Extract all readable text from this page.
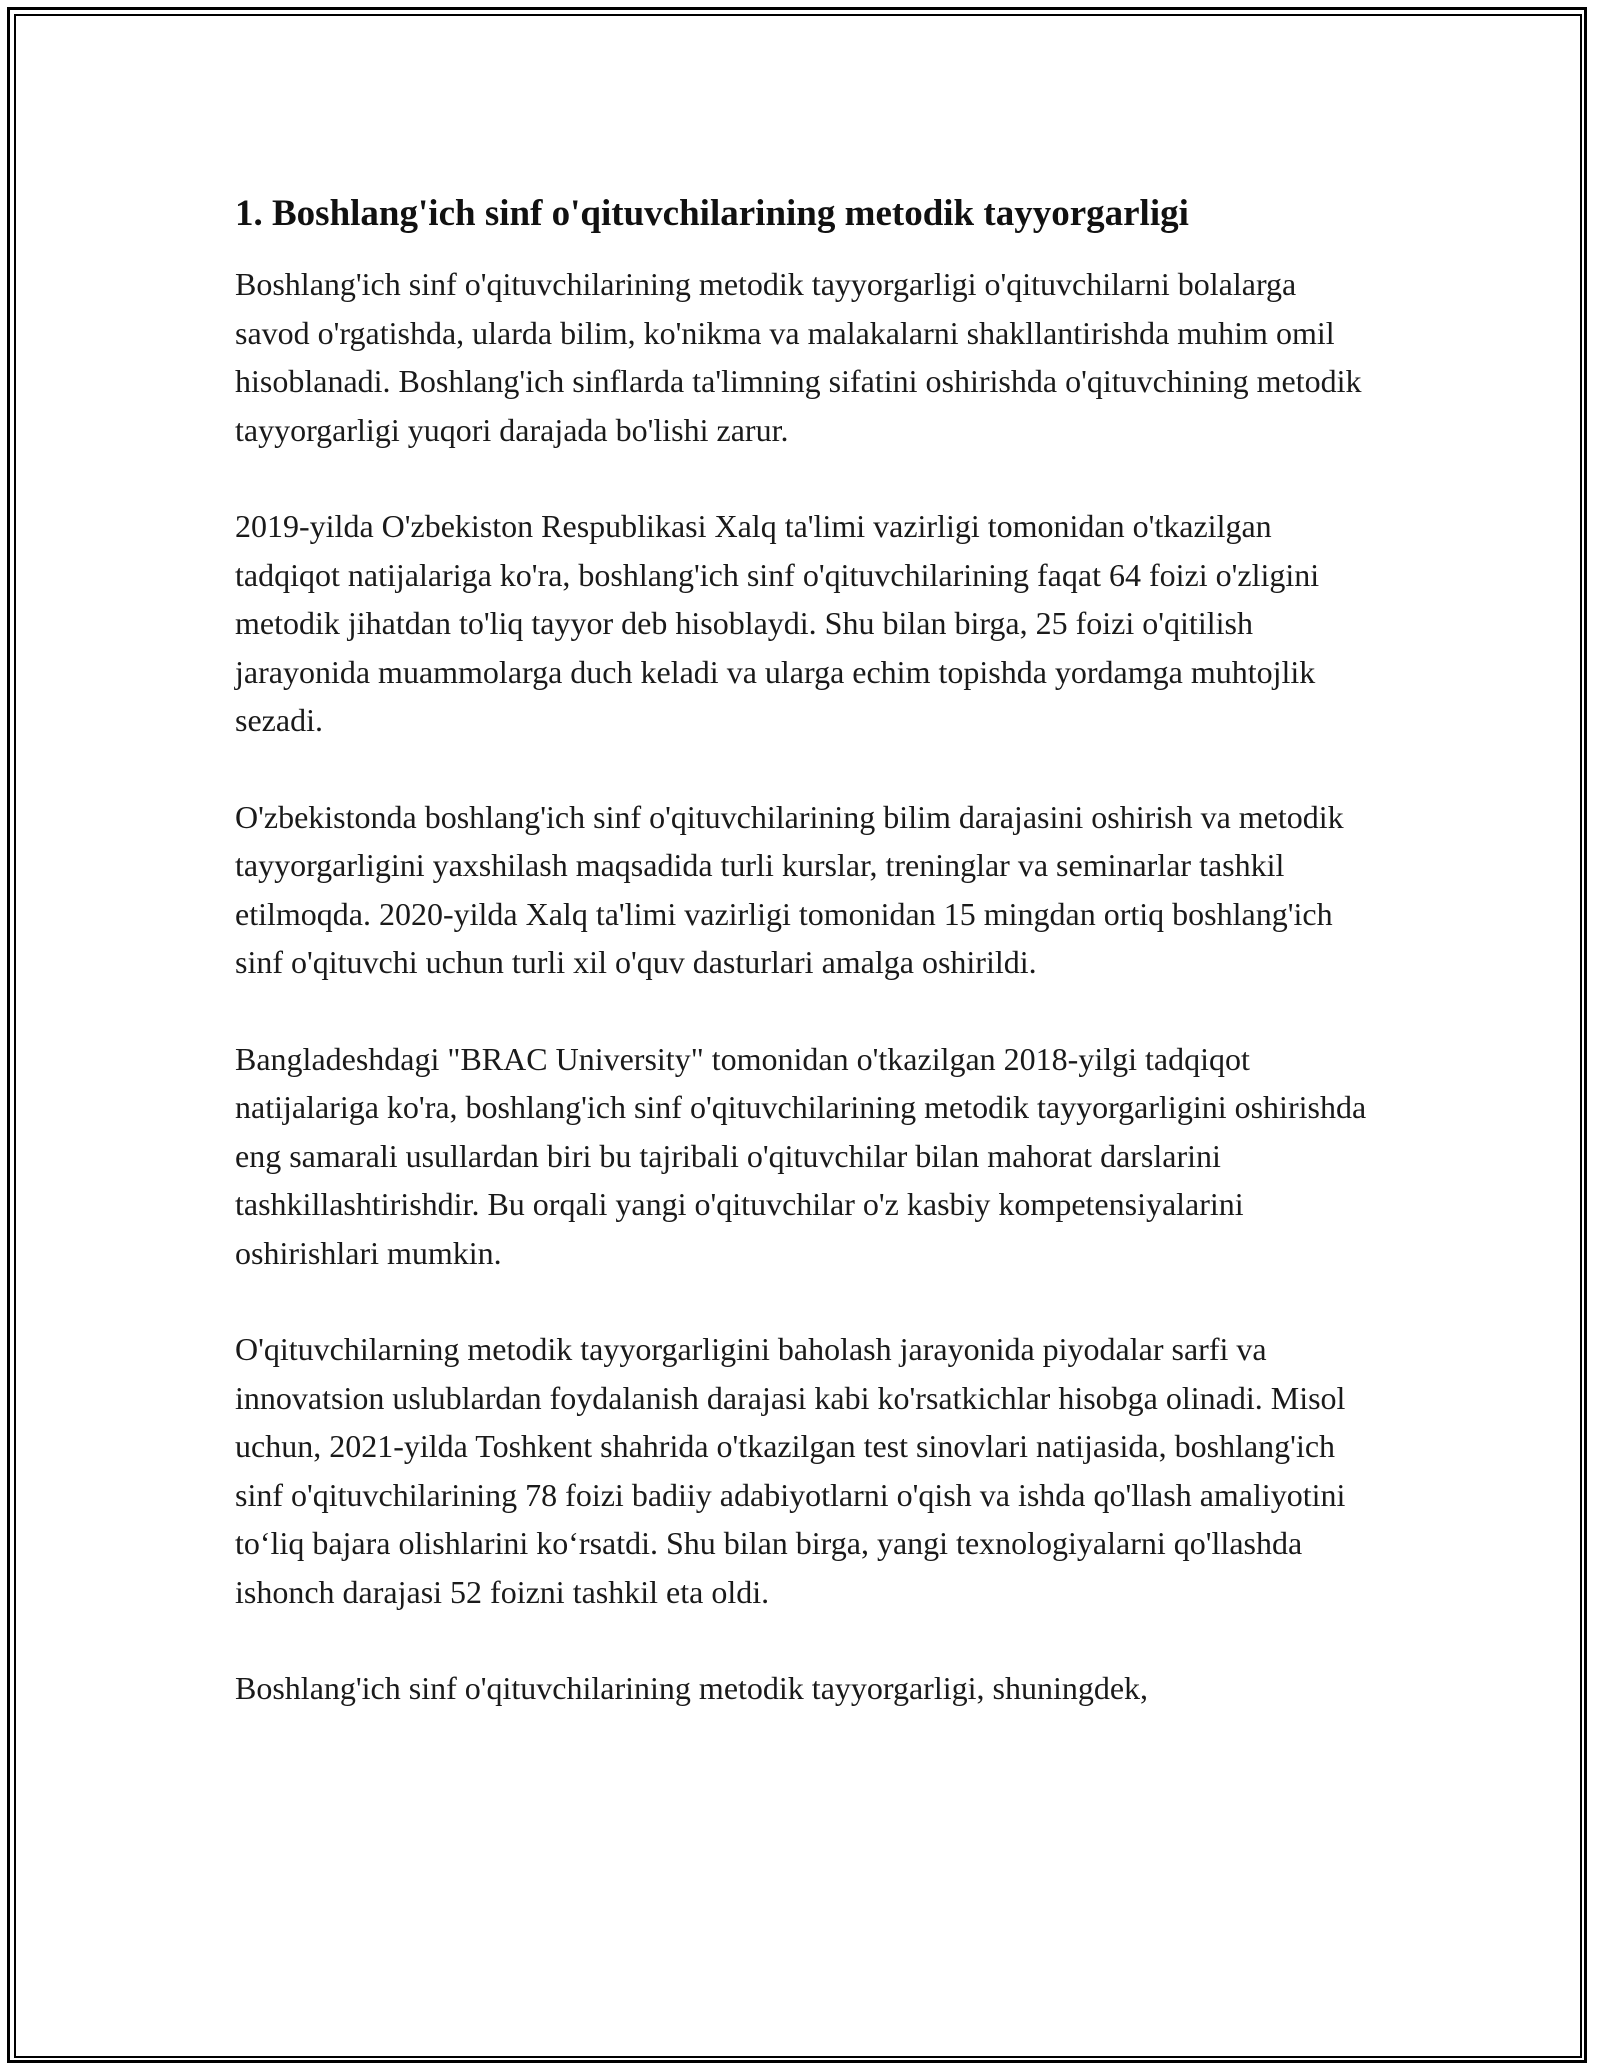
1. Boshlang'ich sinf o'qituvchilarining metodik tayyorgarligi

Boshlang'ich sinf o'qituvchilarining metodik tayyorgarligi o'qituvchilarni bolalarga savod o'rgatishda, ularda bilim, ko'nikma va malakalarni shakllantirishda muhim omil hisoblanadi. Boshlang'ich sinflarda ta'limning sifatini oshirishda o'qituvchining metodik tayyorgarligi yuqori darajada bo'lishi zarur.

2019-yilda O'zbekiston Respublikasi Xalq ta'limi vazirligi tomonidan o'tkazilgan tadqiqot natijalariga ko'ra, boshlang'ich sinf o'qituvchilarining faqat 64 foizi o'zligini metodik jihatdan to'liq tayyor deb hisoblaydi. Shu bilan birga, 25 foizi o'qitilish jarayonida muammolarga duch keladi va ularga echim topishda yordamga muhtojlik sezadi.

O'zbekistonda boshlang'ich sinf o'qituvchilarining bilim darajasini oshirish va metodik tayyorgarligini yaxshilash maqsadida turli kurslar, treninglar va seminarlar tashkil etilmoqda. 2020-yilda Xalq ta'limi vazirligi tomonidan 15 mingdan ortiq boshlang'ich sinf o'qituvchi uchun turli xil o'quv dasturlari amalga oshirildi.

Bangladeshdagi "BRAC University" tomonidan o'tkazilgan 2018-yilgi tadqiqot natijalariga ko'ra, boshlang'ich sinf o'qituvchilarining metodik tayyorgarligini oshirishda eng samarali usullardan biri bu tajribali o'qituvchilar bilan mahorat darslarini tashkillashtirishdir. Bu orqali yangi o'qituvchilar o'z kasbiy kompetensiyalarini oshirishlari mumkin.

O'qituvchilarning metodik tayyorgarligini baholash jarayonida piyodalar sarfi va innovatsion uslublardan foydalanish darajasi kabi ko'rsatkichlar hisobga olinadi. Misol uchun, 2021-yilda Toshkent shahrida o'tkazilgan test sinovlari natijasida, boshlang'ich sinf o'qituvchilarining 78 foizi badiiy adabiyotlarni o'qish va ishda qo'llash amaliyotini to‘liq bajara olishlarini ko‘rsatdi. Shu bilan birga, yangi texnologiyalarni qo'llashda ishonch darajasi 52 foizni tashkil eta oldi.

Boshlang'ich sinf o'qituvchilarining metodik tayyorgarligi, shuningdek,
